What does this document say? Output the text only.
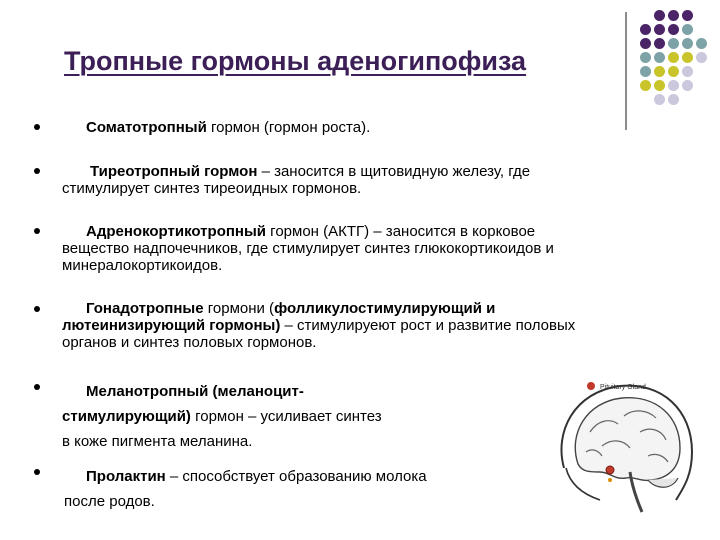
Тропные гормоны аденогипофиза
Соматотропный гормон (гормон роста).
Тиреотропный гормон – заносится в щитовидную железу, где
стимулирует синтез тиреоидных гормонов.
Адренокортикотропный гормон (АКТГ) – заносится в корковое
вещество надпочечников, где стимулирует синтез глюкокортикоидов и
минералокортикоидов.
Гонадотропные гормони (фолликулостимулирующий и
лютеинизирующий гормоны) – стимулируеют рост и развитие половых
органов и синтез половых гормонов.
Меланотропный (меланоцит-
стимулирующий) гормон – усиливает синтез
в коже пигмента меланина.
Пролактин – способствует образованию молока
после родов.
Pituitary Gland
